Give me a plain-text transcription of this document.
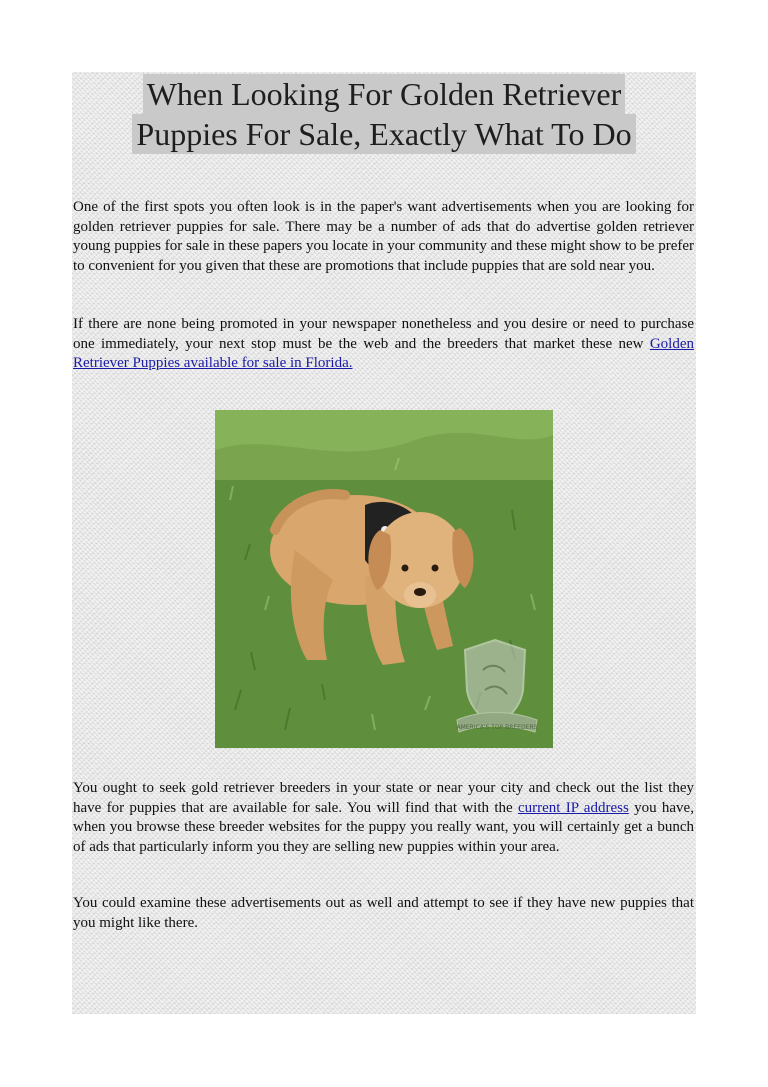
When Looking For Golden Retriever
Puppies For Sale, Exactly What To Do

One of the first spots you often look is in the paper's want advertisements when you are looking for golden retriever puppies for sale. There may be a number of ads that do advertise golden retriever young puppies for sale in these papers you locate in your community and these might show to be prefer to convenient for you given that these are promotions that include puppies that are sold near you.

If there are none being promoted in your newspaper nonetheless and you desire or need to purchase one immediately, your next stop must be the web and the breeders that market these new Golden Retriever Puppies available for sale in Florida.

AMERICA'S TOP BREEDERS

You ought to seek gold retriever breeders in your state or near your city and check out the list they have for puppies that are available for sale. You will find that with the current IP address you have, when you browse these breeder websites for the puppy you really want, you will certainly get a bunch of ads that particularly inform you they are selling new puppies within your area.

You could examine these advertisements out as well and attempt to see if they have new puppies that you might like there.
